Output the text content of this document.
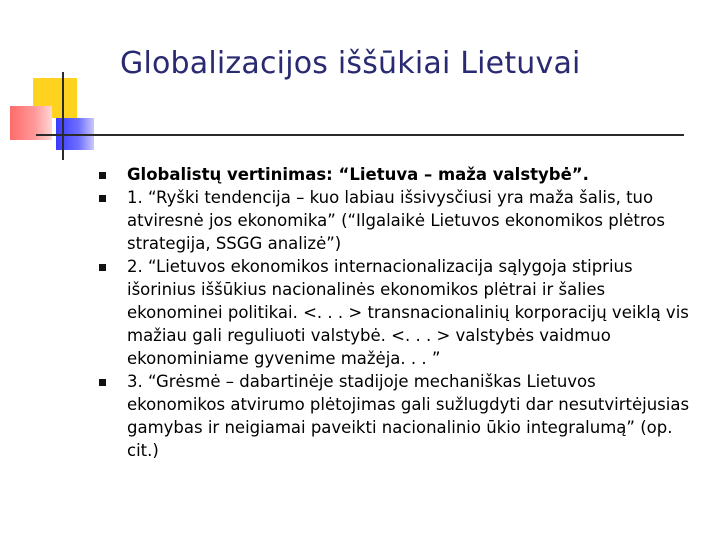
Globalizacijos iššūkiai Lietuvai
Globalistų vertinimas: “Lietuva – maža valstybė”.
1. “Ryški tendencija – kuo labiau išsivysčiusi yra maža šalis, tuo atviresnė jos ekonomika” (“Ilgalaikė Lietuvos ekonomikos plėtros strategija, SSGG analizė”)
2. “Lietuvos ekonomikos internacionalizacija sąlygoja stiprius išorinius iššūkius nacionalinės ekonomikos plėtrai ir šalies ekonominei politikai. <. . . > transnacionalinių korporacijų veiklą vis mažiau gali reguliuoti valstybė. <. . . > valstybės vaidmuo ekonominiame gyvenime mažėja. . . ”
3. “Grėsmė – dabartinėje stadijoje mechaniškas Lietuvos ekonomikos atvirumo plėtojimas gali sužlugdyti dar nesutvirtėjusias gamybas ir neigiamai paveikti nacionalinio ūkio integralumą” (op. cit.)
